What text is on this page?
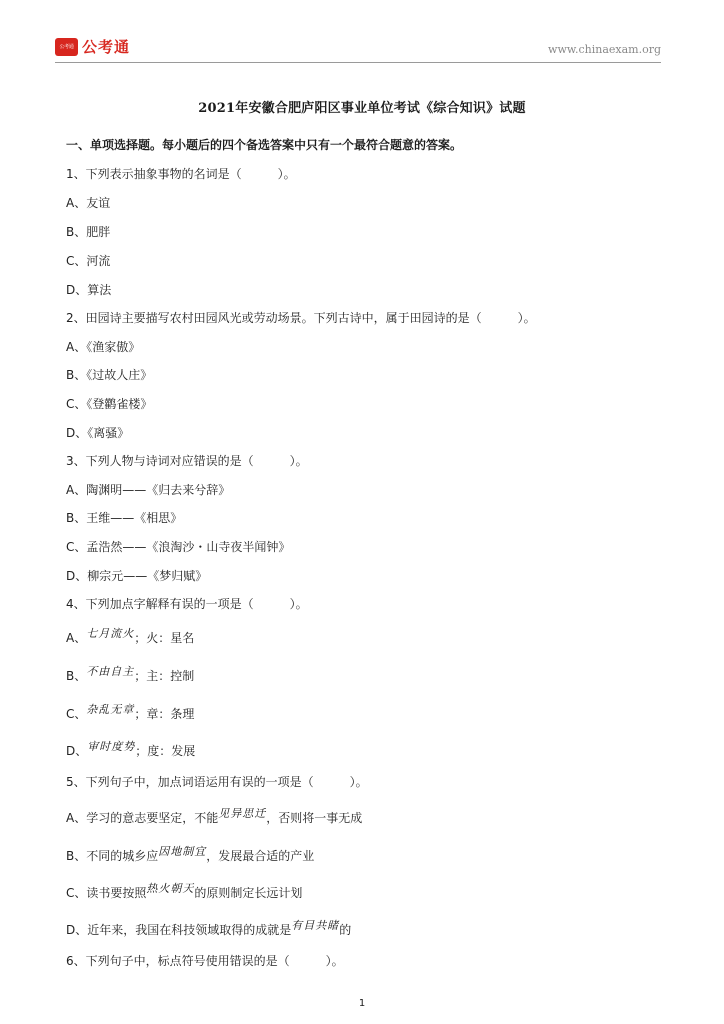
公考通 公考通	www.chinaexam.org
2021年安徽合肥庐阳区事业单位考试《综合知识》试题
一、单项选择题。每小题后的四个备选答案中只有一个最符合题意的答案。
1、下列表示抽象事物的名词是（　　　）。
A、友谊
B、肥胖
C、河流
D、算法
2、田园诗主要描写农村田园风光或劳动场景。下列古诗中，属于田园诗的是（　　　）。
A、《渔家傲》
B、《过故人庄》
C、《登鹳雀楼》
D、《离骚》
3、下列人物与诗词对应错误的是（　　　）。
A、陶渊明——《归去来兮辞》
B、王维——《相思》
C、孟浩然——《浪淘沙・山寺夜半闻钟》
D、柳宗元——《梦归赋》
4、下列加点字解释有误的一项是（　　　）。
A、七月流火；火：星名
B、不由自主；主：控制
C、杂乱无章；章：条理
D、审时度势；度：发展
5、下列句子中，加点词语运用有误的一项是（　　　）。
A、学习的意志要坚定，不能见异思迁，否则将一事无成
B、不同的城乡应因地制宜，发展最合适的产业
C、读书要按照热火朝天的原则制定长远计划
D、近年来，我国在科技领域取得的成就是有目共睹的
6、下列句子中，标点符号使用错误的是（　　　）。
1
